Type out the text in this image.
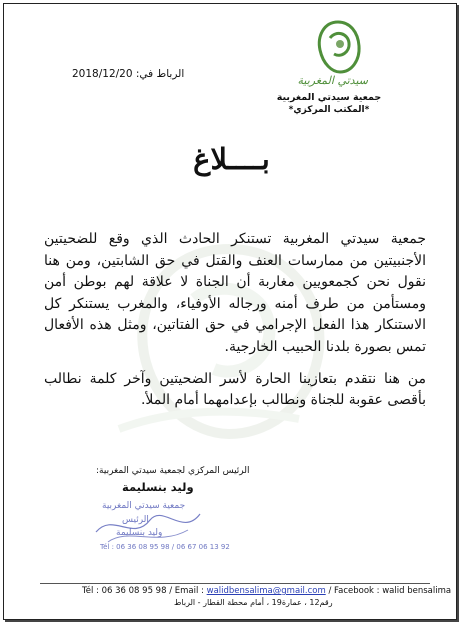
سيدتي المغربية
جمعية سيدتي المغربية
*المكتب المركزي*
الرباط في: 2018/12/20
بــــلاغ

جمعية سيدتي المغربية تستنكر الحادث الذي وقع للضحيتين الأجنبيتين من ممارسات العنف والقتل في حق الشابتين، ومن هنا نقول نحن كجمعويين مغاربة أن الجناة لا علاقة لهم بوطن أمن ومستأمن من طرف أمنه ورجاله الأوفياء، والمغرب يستنكر كل الاستنكار هذا الفعل الإجرامي في حق الفتاتين، ومثل هذه الأفعال تمس بصورة بلدنا الحبيب الخارجية.

من هنا نتقدم بتعازينا الحارة لأسر الضحيتين وآخر كلمة نطالب بأقصى عقوبة للجناة ونطالب بإعدامهما أمام الملأ.

الرئيس المركزي لجمعية سيدتي المغربية:
وليد بنسليمة
جمعية سيدتي المغربية
الرئيس
وليد بنسليمة
Tél : 06 36 08 95 98 / 06 67 06 13 92
Tél : 06 36 08 95 98 / Email : walidbensalima@gmail.com / Facebook : walid bensalima
رقم12 ، عمارة19 ، أمام محطة القطار - الرباط
